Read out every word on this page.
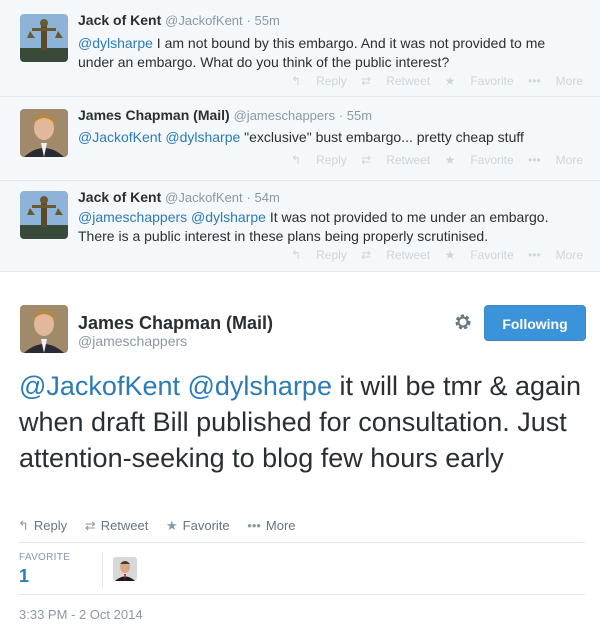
Jack of Kent @JackofKent · 55m
@dylsharpe I am not bound by this embargo. And it was not provided to me under an embargo. What do you think of the public interest?
↰ Reply ⇄ Retweet ★ Favorite ••• More
James Chapman (Mail) @jameschappers · 55m
@JackofKent @dylsharpe "exclusive" bust embargo... pretty cheap stuff
↰ Reply ⇄ Retweet ★ Favorite ••• More
Jack of Kent @JackofKent · 54m
@jameschappers @dylsharpe It was not provided to me under an embargo. There is a public interest in these plans being properly scrutinised.
↰ Reply ⇄ Retweet ★ Favorite ••• More
James Chapman (Mail)
@jameschappers
Following
@JackofKent @dylsharpe it will be tmr & again when draft Bill published for consultation. Just attention-seeking to blog few hours early
↰ Reply ⇄ Retweet ★ Favorite ••• More
FAVORITE
1
3:33 PM - 2 Oct 2014
